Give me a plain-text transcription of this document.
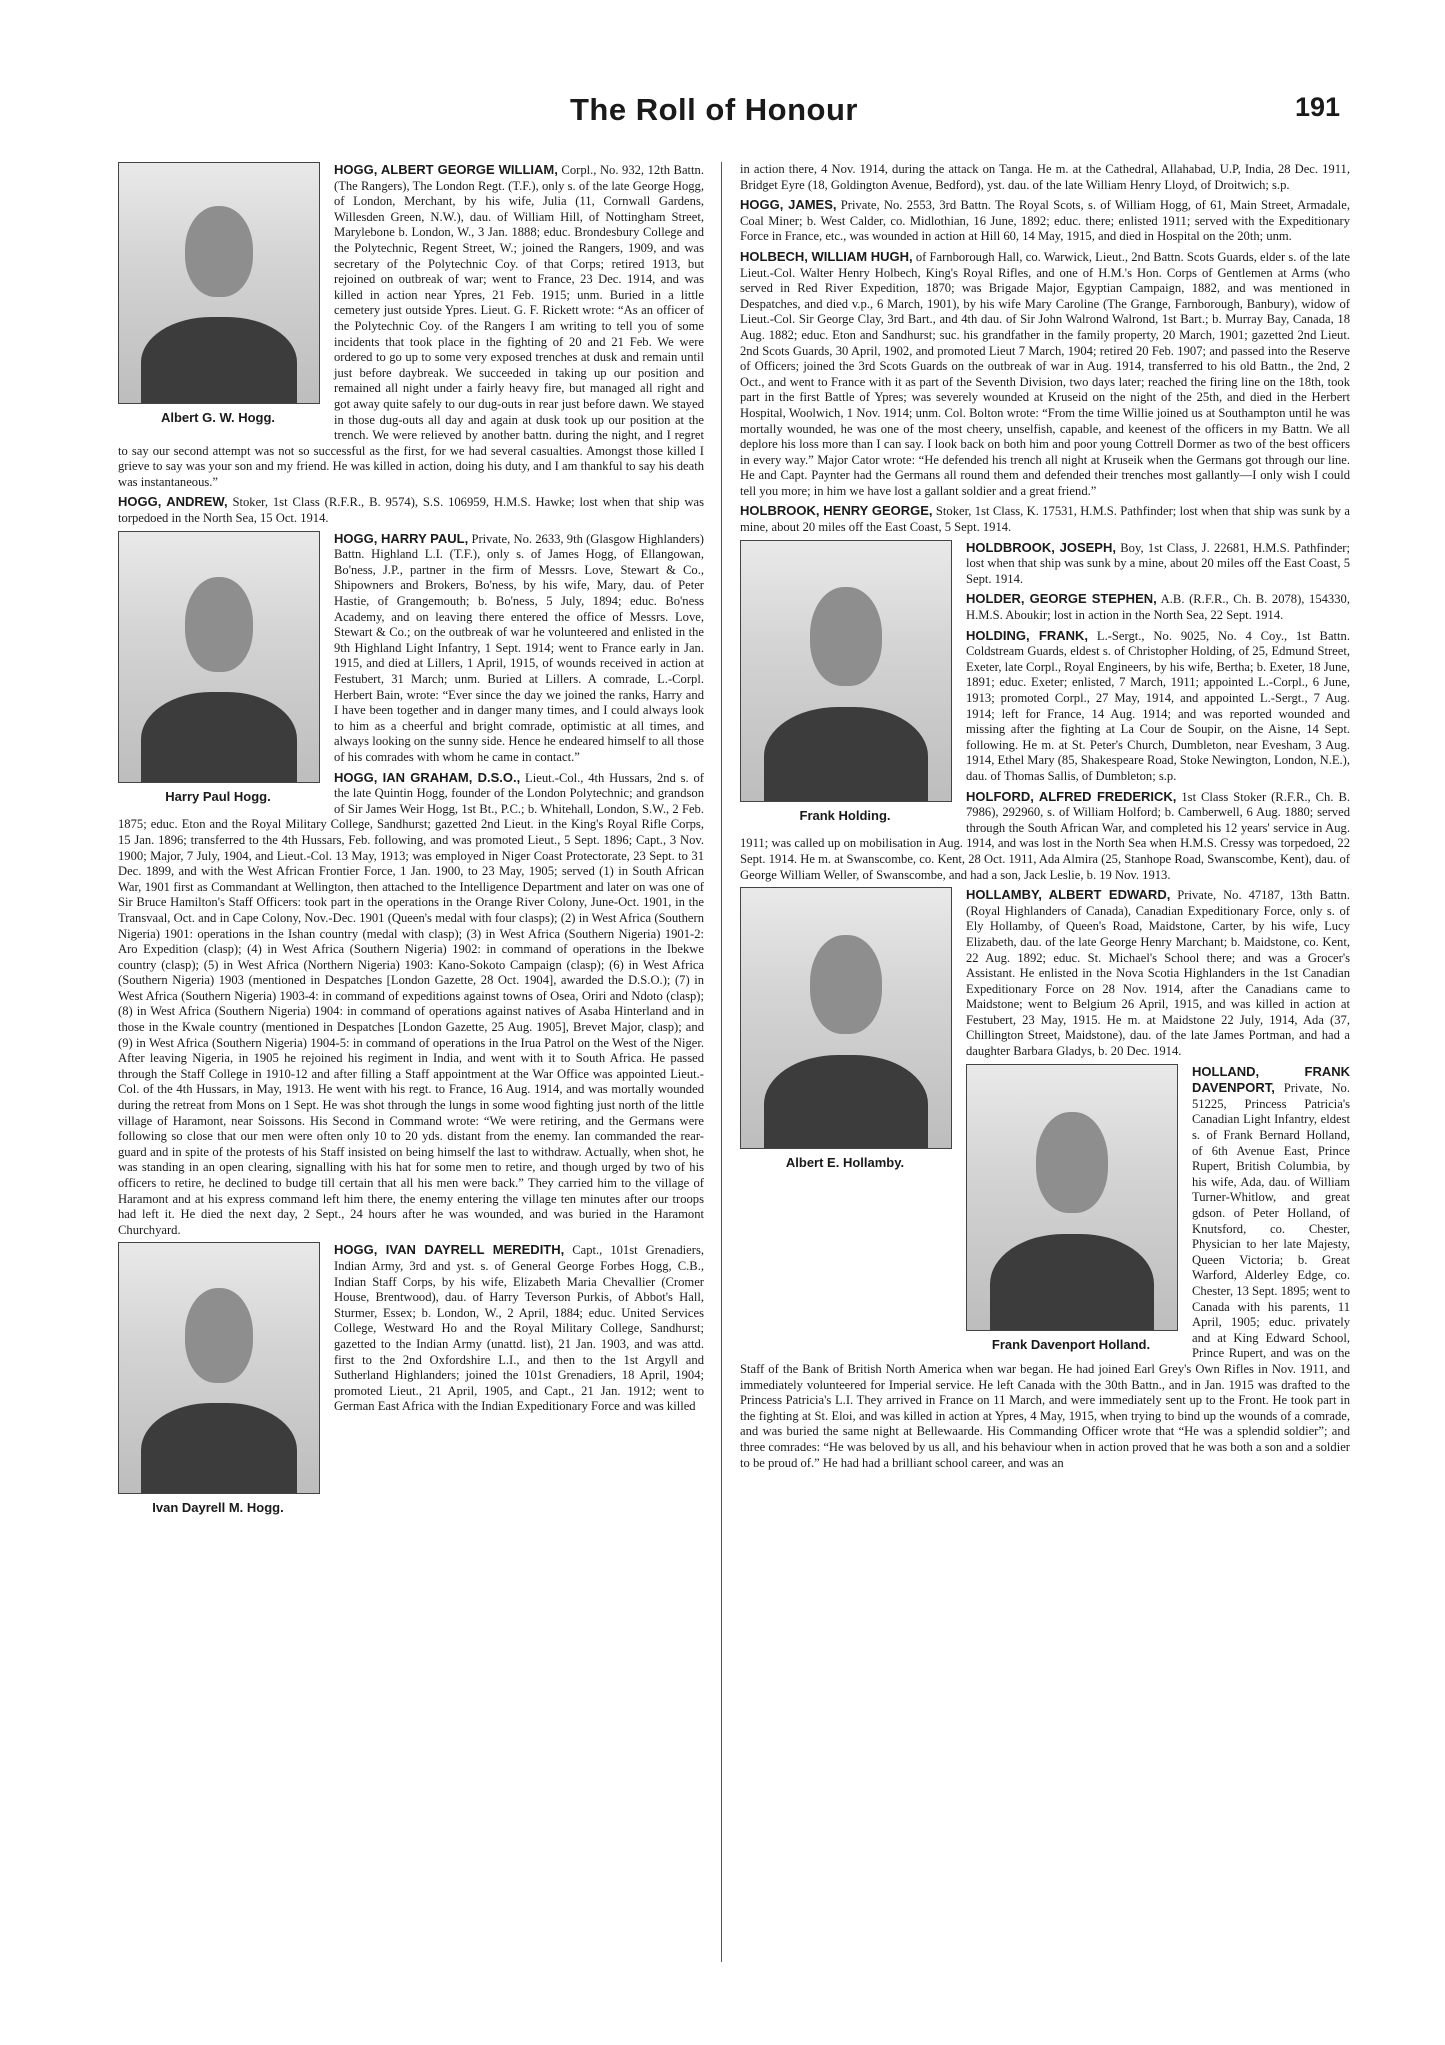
The Roll of Honour	191
Albert G. W. Hogg.

HOGG, ALBERT GEORGE WILLIAM, Corpl., No. 932, 12th Battn. (The Rangers), The London Regt. (T.F.), only s. of the late George Hogg, of London, Merchant, by his wife, Julia (11, Cornwall Gardens, Willesden Green, N.W.), dau. of William Hill, of Nottingham Street, Marylebone b. London, W., 3 Jan. 1888; educ. Brondesbury College and the Polytechnic, Regent Street, W.; joined the Rangers, 1909, and was secretary of the Polytechnic Coy. of that Corps; retired 1913, but rejoined on outbreak of war; went to France, 23 Dec. 1914, and was killed in action near Ypres, 21 Feb. 1915; unm. Buried in a little cemetery just outside Ypres. Lieut. G. F. Rickett wrote: “As an officer of the Polytechnic Coy. of the Rangers I am writing to tell you of some incidents that took place in the fighting of 20 and 21 Feb. We were ordered to go up to some very exposed trenches at dusk and remain until just before daybreak. We succeeded in taking up our position and remained all night under a fairly heavy fire, but managed all right and got away quite safely to our dug-outs in rear just before dawn. We stayed in those dug-outs all day and again at dusk took up our position at the trench. We were relieved by another battn. during the night, and I regret to say our second attempt was not so successful as the first, for we had several casualties. Amongst those killed I grieve to say was your son and my friend. He was killed in action, doing his duty, and I am thankful to say his death was instantaneous.”

HOGG, ANDREW, Stoker, 1st Class (R.F.R., B. 9574), S.S. 106959, H.M.S. Hawke; lost when that ship was torpedoed in the North Sea, 15 Oct. 1914.

Harry Paul Hogg.

HOGG, HARRY PAUL, Private, No. 2633, 9th (Glasgow Highlanders) Battn. Highland L.I. (T.F.), only s. of James Hogg, of Ellangowan, Bo'ness, J.P., partner in the firm of Messrs. Love, Stewart & Co., Shipowners and Brokers, Bo'ness, by his wife, Mary, dau. of Peter Hastie, of Grangemouth; b. Bo'ness, 5 July, 1894; educ. Bo'ness Academy, and on leaving there entered the office of Messrs. Love, Stewart & Co.; on the outbreak of war he volunteered and enlisted in the 9th Highland Light Infantry, 1 Sept. 1914; went to France early in Jan. 1915, and died at Lillers, 1 April, 1915, of wounds received in action at Festubert, 31 March; unm. Buried at Lillers. A comrade, L.-Corpl. Herbert Bain, wrote: “Ever since the day we joined the ranks, Harry and I have been together and in danger many times, and I could always look to him as a cheerful and bright comrade, optimistic at all times, and always looking on the sunny side. Hence he endeared himself to all those of his comrades with whom he came in contact.”

HOGG, IAN GRAHAM, D.S.O., Lieut.-Col., 4th Hussars, 2nd s. of the late Quintin Hogg, founder of the London Polytechnic; and grandson of Sir James Weir Hogg, 1st Bt., P.C.; b. Whitehall, London, S.W., 2 Feb. 1875; educ. Eton and the Royal Military College, Sandhurst; gazetted 2nd Lieut. in the King's Royal Rifle Corps, 15 Jan. 1896; transferred to the 4th Hussars, Feb. following, and was promoted Lieut., 5 Sept. 1896; Capt., 3 Nov. 1900; Major, 7 July, 1904, and Lieut.-Col. 13 May, 1913; was employed in Niger Coast Protectorate, 23 Sept. to 31 Dec. 1899, and with the West African Frontier Force, 1 Jan. 1900, to 23 May, 1905; served (1) in South African War, 1901 first as Commandant at Wellington, then attached to the Intelligence Department and later on was one of Sir Bruce Hamilton's Staff Officers: took part in the operations in the Orange River Colony, June-Oct. 1901, in the Transvaal, Oct. and in Cape Colony, Nov.-Dec. 1901 (Queen's medal with four clasps); (2) in West Africa (Southern Nigeria) 1901: operations in the Ishan country (medal with clasp); (3) in West Africa (Southern Nigeria) 1901-2: Aro Expedition (clasp); (4) in West Africa (Southern Nigeria) 1902: in command of operations in the Ibekwe country (clasp); (5) in West Africa (Northern Nigeria) 1903: Kano-Sokoto Campaign (clasp); (6) in West Africa (Southern Nigeria) 1903 (mentioned in Despatches [London Gazette, 28 Oct. 1904], awarded the D.S.O.); (7) in West Africa (Southern Nigeria) 1903-4: in command of expeditions against towns of Osea, Oriri and Ndoto (clasp); (8) in West Africa (Southern Nigeria) 1904: in command of operations against natives of Asaba Hinterland and in those in the Kwale country (mentioned in Despatches [London Gazette, 25 Aug. 1905], Brevet Major, clasp); and (9) in West Africa (Southern Nigeria) 1904-5: in command of operations in the Irua Patrol on the West of the Niger. After leaving Nigeria, in 1905 he rejoined his regiment in India, and went with it to South Africa. He passed through the Staff College in 1910-12 and after filling a Staff appointment at the War Office was appointed Lieut.-Col. of the 4th Hussars, in May, 1913. He went with his regt. to France, 16 Aug. 1914, and was mortally wounded during the retreat from Mons on 1 Sept. He was shot through the lungs in some wood fighting just north of the little village of Haramont, near Soissons. His Second in Command wrote: “We were retiring, and the Germans were following so close that our men were often only 10 to 20 yds. distant from the enemy. Ian commanded the rear-guard and in spite of the protests of his Staff insisted on being himself the last to withdraw. Actually, when shot, he was standing in an open clearing, signalling with his hat for some men to retire, and though urged by two of his officers to retire, he declined to budge till certain that all his men were back.” They carried him to the village of Haramont and at his express command left him there, the enemy entering the village ten minutes after our troops had left it. He died the next day, 2 Sept., 24 hours after he was wounded, and was buried in the Haramont Churchyard.

Ivan Dayrell M. Hogg.

HOGG, IVAN DAYRELL MEREDITH, Capt., 101st Grenadiers, Indian Army, 3rd and yst. s. of General George Forbes Hogg, C.B., Indian Staff Corps, by his wife, Elizabeth Maria Chevallier (Cromer House, Brentwood), dau. of Harry Teverson Purkis, of Abbot's Hall, Sturmer, Essex; b. London, W., 2 April, 1884; educ. United Services College, Westward Ho and the Royal Military College, Sandhurst; gazetted to the Indian Army (unattd. list), 21 Jan. 1903, and was attd. first to the 2nd Oxfordshire L.I., and then to the 1st Argyll and Sutherland Highlanders; joined the 101st Grenadiers, 18 April, 1904; promoted Lieut., 21 April, 1905, and Capt., 21 Jan. 1912; went to German East Africa with the Indian Expeditionary Force and was killed

in action there, 4 Nov. 1914, during the attack on Tanga. He m. at the Cathedral, Allahabad, U.P, India, 28 Dec. 1911, Bridget Eyre (18, Goldington Avenue, Bedford), yst. dau. of the late William Henry Lloyd, of Droitwich; s.p.

HOGG, JAMES, Private, No. 2553, 3rd Battn. The Royal Scots, s. of William Hogg, of 61, Main Street, Armadale, Coal Miner; b. West Calder, co. Midlothian, 16 June, 1892; educ. there; enlisted 1911; served with the Expeditionary Force in France, etc., was wounded in action at Hill 60, 14 May, 1915, and died in Hospital on the 20th; unm.

HOLBECH, WILLIAM HUGH, of Farnborough Hall, co. Warwick, Lieut., 2nd Battn. Scots Guards, elder s. of the late Lieut.-Col. Walter Henry Holbech, King's Royal Rifles, and one of H.M.'s Hon. Corps of Gentlemen at Arms (who served in Red River Expedition, 1870; was Brigade Major, Egyptian Campaign, 1882, and was mentioned in Despatches, and died v.p., 6 March, 1901), by his wife Mary Caroline (The Grange, Farnborough, Banbury), widow of Lieut.-Col. Sir George Clay, 3rd Bart., and 4th dau. of Sir John Walrond Walrond, 1st Bart.; b. Murray Bay, Canada, 18 Aug. 1882; educ. Eton and Sandhurst; suc. his grandfather in the family property, 20 March, 1901; gazetted 2nd Lieut. 2nd Scots Guards, 30 April, 1902, and promoted Lieut 7 March, 1904; retired 20 Feb. 1907; and passed into the Reserve of Officers; joined the 3rd Scots Guards on the outbreak of war in Aug. 1914, transferred to his old Battn., the 2nd, 2 Oct., and went to France with it as part of the Seventh Division, two days later; reached the firing line on the 18th, took part in the first Battle of Ypres; was severely wounded at Kruseid on the night of the 25th, and died in the Herbert Hospital, Woolwich, 1 Nov. 1914; unm. Col. Bolton wrote: “From the time Willie joined us at Southampton until he was mortally wounded, he was one of the most cheery, unselfish, capable, and keenest of the officers in my Battn. We all deplore his loss more than I can say. I look back on both him and poor young Cottrell Dormer as two of the best officers in every way.” Major Cator wrote: “He defended his trench all night at Kruseik when the Germans got through our line. He and Capt. Paynter had the Germans all round them and defended their trenches most gallantly—I only wish I could tell you more; in him we have lost a gallant soldier and a great friend.”

HOLBROOK, HENRY GEORGE, Stoker, 1st Class, K. 17531, H.M.S. Pathfinder; lost when that ship was sunk by a mine, about 20 miles off the East Coast, 5 Sept. 1914.

Frank Holding.

HOLDBROOK, JOSEPH, Boy, 1st Class, J. 22681, H.M.S. Pathfinder; lost when that ship was sunk by a mine, about 20 miles off the East Coast, 5 Sept. 1914.

HOLDER, GEORGE STEPHEN, A.B. (R.F.R., Ch. B. 2078), 154330, H.M.S. Aboukir; lost in action in the North Sea, 22 Sept. 1914.

HOLDING, FRANK, L.-Sergt., No. 9025, No. 4 Coy., 1st Battn. Coldstream Guards, eldest s. of Christopher Holding, of 25, Edmund Street, Exeter, late Corpl., Royal Engineers, by his wife, Bertha; b. Exeter, 18 June, 1891; educ. Exeter; enlisted, 7 March, 1911; appointed L.-Corpl., 6 June, 1913; promoted Corpl., 27 May, 1914, and appointed L.-Sergt., 7 Aug. 1914; left for France, 14 Aug. 1914; and was reported wounded and missing after the fighting at La Cour de Soupir, on the Aisne, 14 Sept. following. He m. at St. Peter's Church, Dumbleton, near Evesham, 3 Aug. 1914, Ethel Mary (85, Shakespeare Road, Stoke Newington, London, N.E.), dau. of Thomas Sallis, of Dumbleton; s.p.

HOLFORD, ALFRED FREDERICK, 1st Class Stoker (R.F.R., Ch. B. 7986), 292960, s. of William Holford; b. Camberwell, 6 Aug. 1880; served through the South African War, and completed his 12 years' service in Aug. 1911; was called up on mobilisation in Aug. 1914, and was lost in the North Sea when H.M.S. Cressy was torpedoed, 22 Sept. 1914. He m. at Swanscombe, co. Kent, 28 Oct. 1911, Ada Almira (25, Stanhope Road, Swanscombe, Kent), dau. of George William Weller, of Swanscombe, and had a son, Jack Leslie, b. 19 Nov. 1913.

Albert E. Hollamby.

HOLLAMBY, ALBERT EDWARD, Private, No. 47187, 13th Battn. (Royal Highlanders of Canada), Canadian Expeditionary Force, only s. of Ely Hollamby, of Queen's Road, Maidstone, Carter, by his wife, Lucy Elizabeth, dau. of the late George Henry Marchant; b. Maidstone, co. Kent, 22 Aug. 1892; educ. St. Michael's School there; and was a Grocer's Assistant. He enlisted in the Nova Scotia Highlanders in the 1st Canadian Expeditionary Force on 28 Nov. 1914, after the Canadians came to Maidstone; went to Belgium 26 April, 1915, and was killed in action at Festubert, 23 May, 1915. He m. at Maidstone 22 July, 1914, Ada (37, Chillington Street, Maidstone), dau. of the late James Portman, and had a daughter Barbara Gladys, b. 20 Dec. 1914.

Frank Davenport Holland.

HOLLAND, FRANK DAVENPORT, Private, No. 51225, Princess Patricia's Canadian Light Infantry, eldest s. of Frank Bernard Holland, of 6th Avenue East, Prince Rupert, British Columbia, by his wife, Ada, dau. of William Turner-Whitlow, and great gdson. of Peter Holland, of Knutsford, co. Chester, Physician to her late Majesty, Queen Victoria; b. Great Warford, Alderley Edge, co. Chester, 13 Sept. 1895; went to Canada with his parents, 11 April, 1905; educ. privately and at King Edward School, Prince Rupert, and was on the Staff of the Bank of British North America when war began. He had joined Earl Grey's Own Rifles in Nov. 1911, and immediately volunteered for Imperial service. He left Canada with the 30th Battn., and in Jan. 1915 was drafted to the Princess Patricia's L.I. They arrived in France on 11 March, and were immediately sent up to the Front. He took part in the fighting at St. Eloi, and was killed in action at Ypres, 4 May, 1915, when trying to bind up the wounds of a comrade, and was buried the same night at Bellewaarde. His Commanding Officer wrote that “He was a splendid soldier”; and three comrades: “He was beloved by us all, and his behaviour when in action proved that he was both a son and a soldier to be proud of.” He had had a brilliant school career, and was an
